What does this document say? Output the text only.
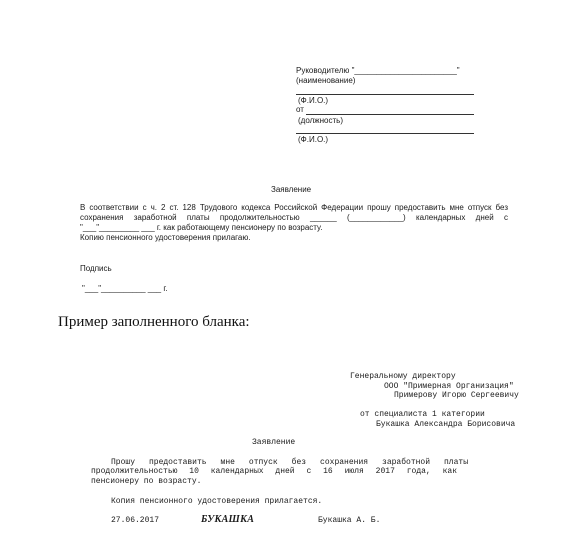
Руководителю "_______________________"
(наименование)
(Ф.И.О.)
от
(должность)
(Ф.И.О.)
Заявление
В соответствии с ч. 2 ст. 128 Трудового кодекса Российской Федерации прошу предоставить мне отпуск без
сохранения заработной платы продолжительностью ______ (____________) календарных дней с
"___"_________ ___ г. как работающему пенсионеру по возрасту.
Копию пенсионного удостоверения прилагаю.
Подпись
"___"__________ ___ г.
Пример заполненного бланка:
Генеральному директору
ООО "Примерная Организация"
Примерову Игорю Сергеевичу
от специалиста 1 категории
Букашка Александра Борисовича
Заявление
Прошу предоставить мне отпуск без сохранения заработной платы
продолжительностью 10 календарных дней с 16 июля 2017 года, как
пенсионеру по возрасту.
Копия пенсионного удостоверения прилагается.
27.06.2017	БУКАШКА	Букашка А. Б.
